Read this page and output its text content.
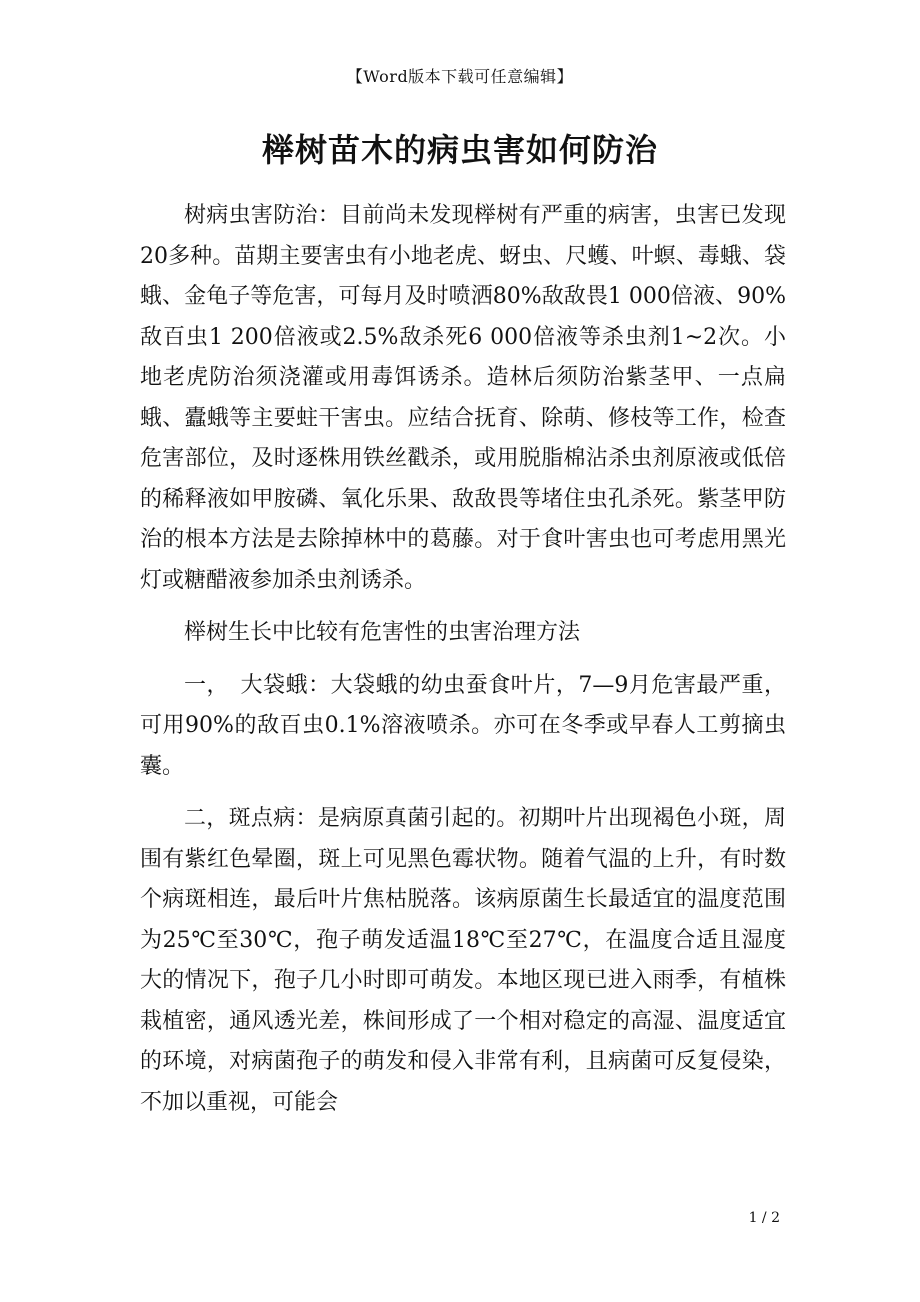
【Word版本下载可任意编辑】
榉树苗木的病虫害如何防治

树病虫害防治：目前尚未发现榉树有严重的病害，虫害已发现20多种。苗期主要害虫有小地老虎、蚜虫、尺蠖、叶螟、毒蛾、袋蛾、金龟子等危害，可每月及时喷洒80%敌敌畏1 000倍液、90%敌百虫1 200倍液或2.5%敌杀死6 000倍液等杀虫剂1~2次。小地老虎防治须浇灌或用毒饵诱杀。造林后须防治紫茎甲、一点扁蛾、蠹蛾等主要蛀干害虫。应结合抚育、除萌、修枝等工作，检查危害部位，及时逐株用铁丝戳杀，或用脱脂棉沾杀虫剂原液或低倍的稀释液如甲胺磷、氧化乐果、敌敌畏等堵住虫孔杀死。紫茎甲防治的根本方法是去除掉林中的葛藤。对于食叶害虫也可考虑用黑光灯或糖醋液参加杀虫剂诱杀。

榉树生长中比较有危害性的虫害治理方法

一，　大袋蛾：大袋蛾的幼虫蚕食叶片，7—9月危害最严重，可用90%的敌百虫0.1%溶液喷杀。亦可在冬季或早春人工剪摘虫囊。

二，斑点病：是病原真菌引起的。初期叶片出现褐色小斑，周围有紫红色晕圈，斑上可见黑色霉状物。随着气温的上升，有时数个病斑相连，最后叶片焦枯脱落。该病原菌生长最适宜的温度范围为25℃至30℃，孢子萌发适温18℃至27℃，在温度合适且湿度大的情况下，孢子几小时即可萌发。本地区现已进入雨季，有植株栽植密，通风透光差，株间形成了一个相对稳定的高湿、温度适宜的环境，对病菌孢子的萌发和侵入非常有利，且病菌可反复侵染，不加以重视，可能会

1 / 2
